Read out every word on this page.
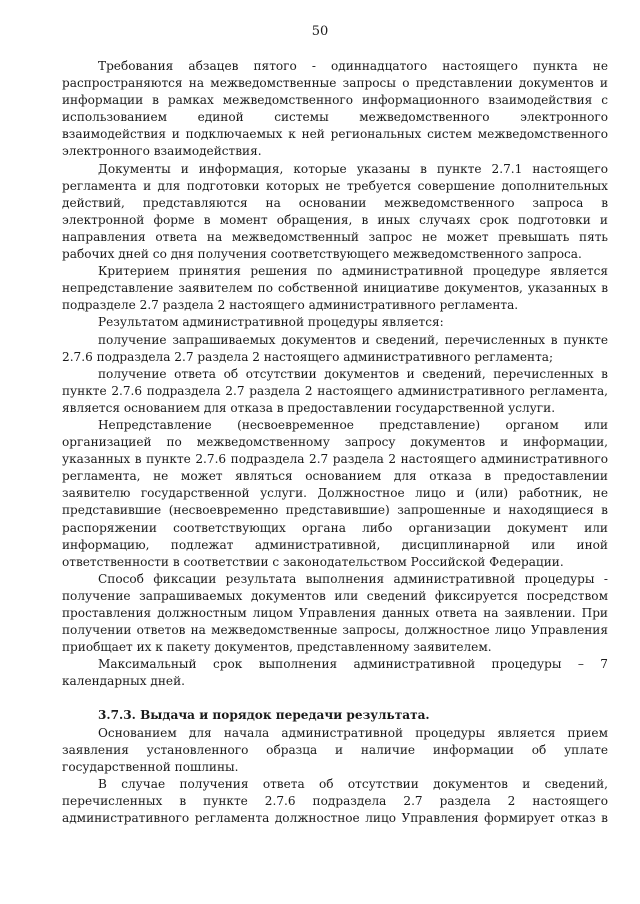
50

Требования абзацев пятого - одиннадцатого настоящего пункта не распространяются на межведомственные запросы о представлении документов и информации в рамках межведомственного информационного взаимодействия с использованием единой системы межведомственного электронного взаимодействия и подключаемых к ней региональных систем межведомственного электронного взаимодействия.

Документы и информация, которые указаны в пункте 2.7.1 настоящего регламента и для подготовки которых не требуется совершение дополнительных действий, представляются на основании межведомственного запроса в электронной форме в момент обращения, в иных случаях срок подготовки и направления ответа на межведомственный запрос не может превышать пять рабочих дней со дня получения соответствующего межведомственного запроса.

Критерием принятия решения по административной процедуре является непредставление заявителем по собственной инициативе документов, указанных в подразделе 2.7 раздела 2 настоящего административного регламента.

Результатом административной процедуры является:

получение запрашиваемых документов и сведений, перечисленных в пункте 2.7.6 подраздела 2.7 раздела 2 настоящего административного регламента;

получение ответа об отсутствии документов и сведений, перечисленных в пункте 2.7.6 подраздела 2.7 раздела 2 настоящего административного регламента, является основанием для отказа в предоставлении государственной услуги.

Непредставление (несвоевременное представление) органом или организацией по межведомственному запросу документов и информации, указанных в пункте 2.7.6 подраздела 2.7 раздела 2 настоящего административного регламента, не может являться основанием для отказа в предоставлении заявителю государственной услуги. Должностное лицо и (или) работник, не представившие (несвоевременно представившие) запрошенные и находящиеся в распоряжении соответствующих органа либо организации документ или информацию, подлежат административной, дисциплинарной или иной ответственности в соответствии с законодательством Российской Федерации.

Способ фиксации результата выполнения административной процедуры - получение запрашиваемых документов или сведений фиксируется посредством проставления должностным лицом Управления данных ответа на заявлении. При получении ответов на межведомственные запросы, должностное лицо Управления приобщает их к пакету документов, представленному заявителем.

Максимальный срок выполнения административной процедуры – 7 календарных дней.

3.7.3. Выдача и порядок передачи результата.

Основанием для начала административной процедуры является прием заявления установленного образца и наличие информации об уплате государственной пошлины.

В случае получения ответа об отсутствии документов и сведений, перечисленных в пункте 2.7.6 подраздела 2.7 раздела 2 настоящего административного регламента должностное лицо Управления формирует отказ в
